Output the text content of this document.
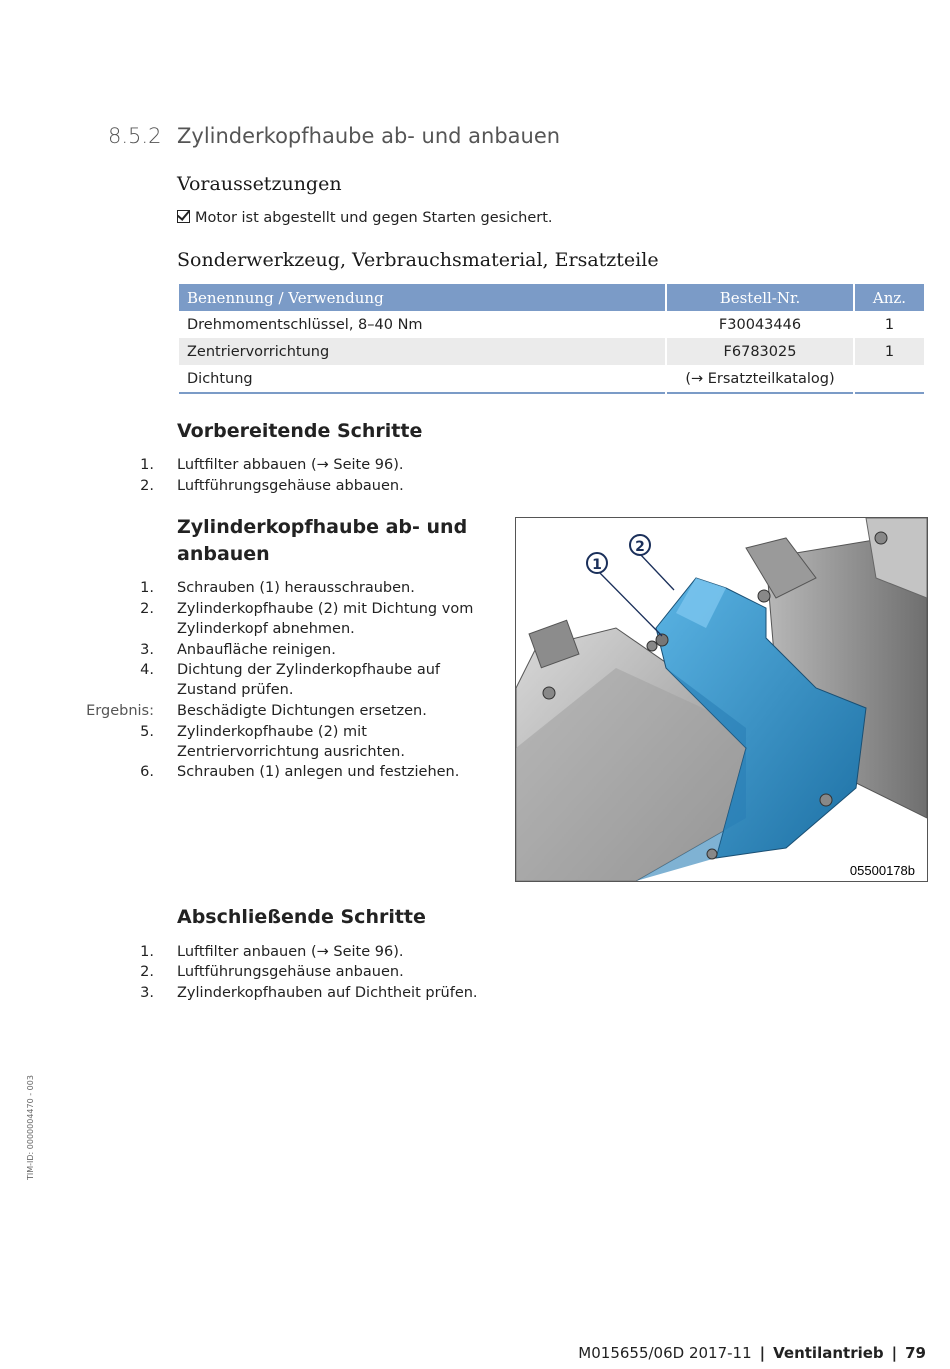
8.5.2 Zylinderkopfhaube ab- und anbauen
Voraussetzungen
Motor ist abgestellt und gegen Starten gesichert.
Sonderwerkzeug, Verbrauchsmaterial, Ersatzteile
Benennung / Verwendung	Bestell-Nr.	Anz.
Drehmomentschlüssel, 8–40 Nm	F30043446	1
Zentriervorrichtung	F6783025	1
Dichtung	(→ Ersatzteilkatalog)	
Vorbereitende Schritte
1. Luftfilter abbauen (→ Seite 96).
2. Luftführungsgehäuse abbauen.
Zylinderkopfhaube ab- und anbauen
1. Schrauben (1) herausschrauben.
2. Zylinderkopfhaube (2) mit Dichtung vom Zylinderkopf abnehmen.
3. Anbaufläche reinigen.
4. Dichtung der Zylinderkopfhaube auf Zustand prüfen.
Ergebnis: Beschädigte Dichtungen ersetzen.
5. Zylinderkopfhaube (2) mit Zentriervorrichtung ausrichten.
6. Schrauben (1) anlegen und festziehen.
1
2
05500178b
Abschließende Schritte
1. Luftfilter anbauen (→ Seite 96).
2. Luftführungsgehäuse anbauen.
3. Zylinderkopfhauben auf Dichtheit prüfen.
TIM-ID: 0000004470 - 003
M015655/06D 2017-11 | Ventilantrieb | 79
